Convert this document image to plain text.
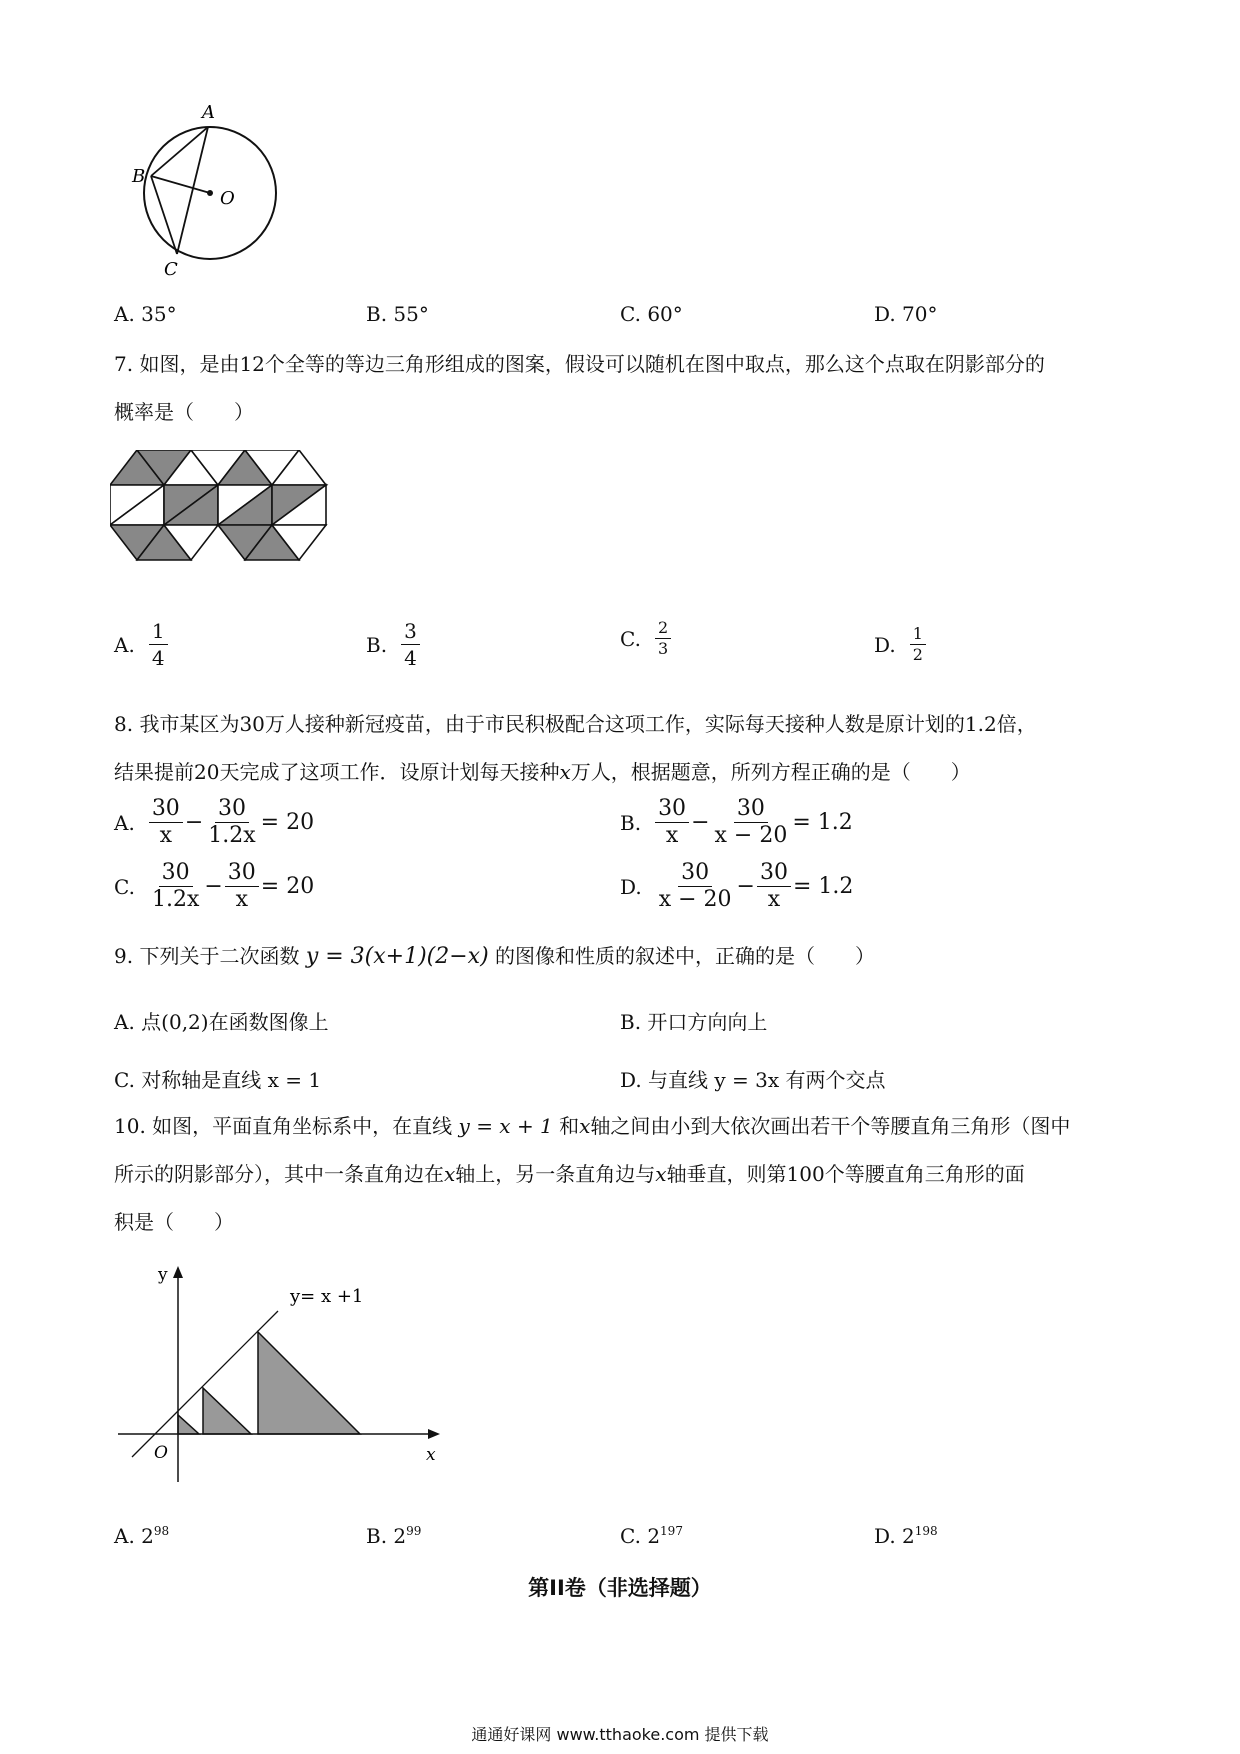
A
B
C
O
A. 35°	B. 55°	C. 60°	D. 70°
7. 如图，是由12个全等的等边三角形组成的图案，假设可以随机在图中取点，那么这个点取在阴影部分的
概率是（　　）
A. $\frac{1}{4}$	B. $\frac{3}{4}$	C. $\frac{2}{3}$	D. $\frac{1}{2}$
8. 我市某区为30万人接种新冠疫苗，由于市民积极配合这项工作，实际每天接种人数是原计划的1.2倍，
结果提前20天完成了这项工作．设原计划每天接种x万人，根据题意，所列方程正确的是（　　）
A. $\frac{30}{x} - \frac{30}{1.2x} = 20$	B. $\frac{30}{x} - \frac{30}{x - 20} = 1.2$
C. $\frac{30}{1.2x} - \frac{30}{x} = 20$	D. $\frac{30}{x - 20} - \frac{30}{x} = 1.2$
9. 下列关于二次函数 y = 3(x+1)(2−x) 的图像和性质的叙述中，正确的是（　　）
A. 点(0,2)在函数图像上	B. 开口方向向上
C. 对称轴是直线 x = 1	D. 与直线 y = 3x 有两个交点
10. 如图，平面直角坐标系中，在直线 y = x + 1 和x轴之间由小到大依次画出若干个等腰直角三角形（图中
所示的阴影部分），其中一条直角边在x轴上，另一条直角边与x轴垂直，则第100个等腰直角三角形的面
积是（　　）
y
x
O
y= x +1
A. $2^{98}$	B. $2^{99}$	C. $2^{197}$	D. $2^{198}$
第II卷（非选择题）
通通好课网 www.tthaoke.com 提供下载
